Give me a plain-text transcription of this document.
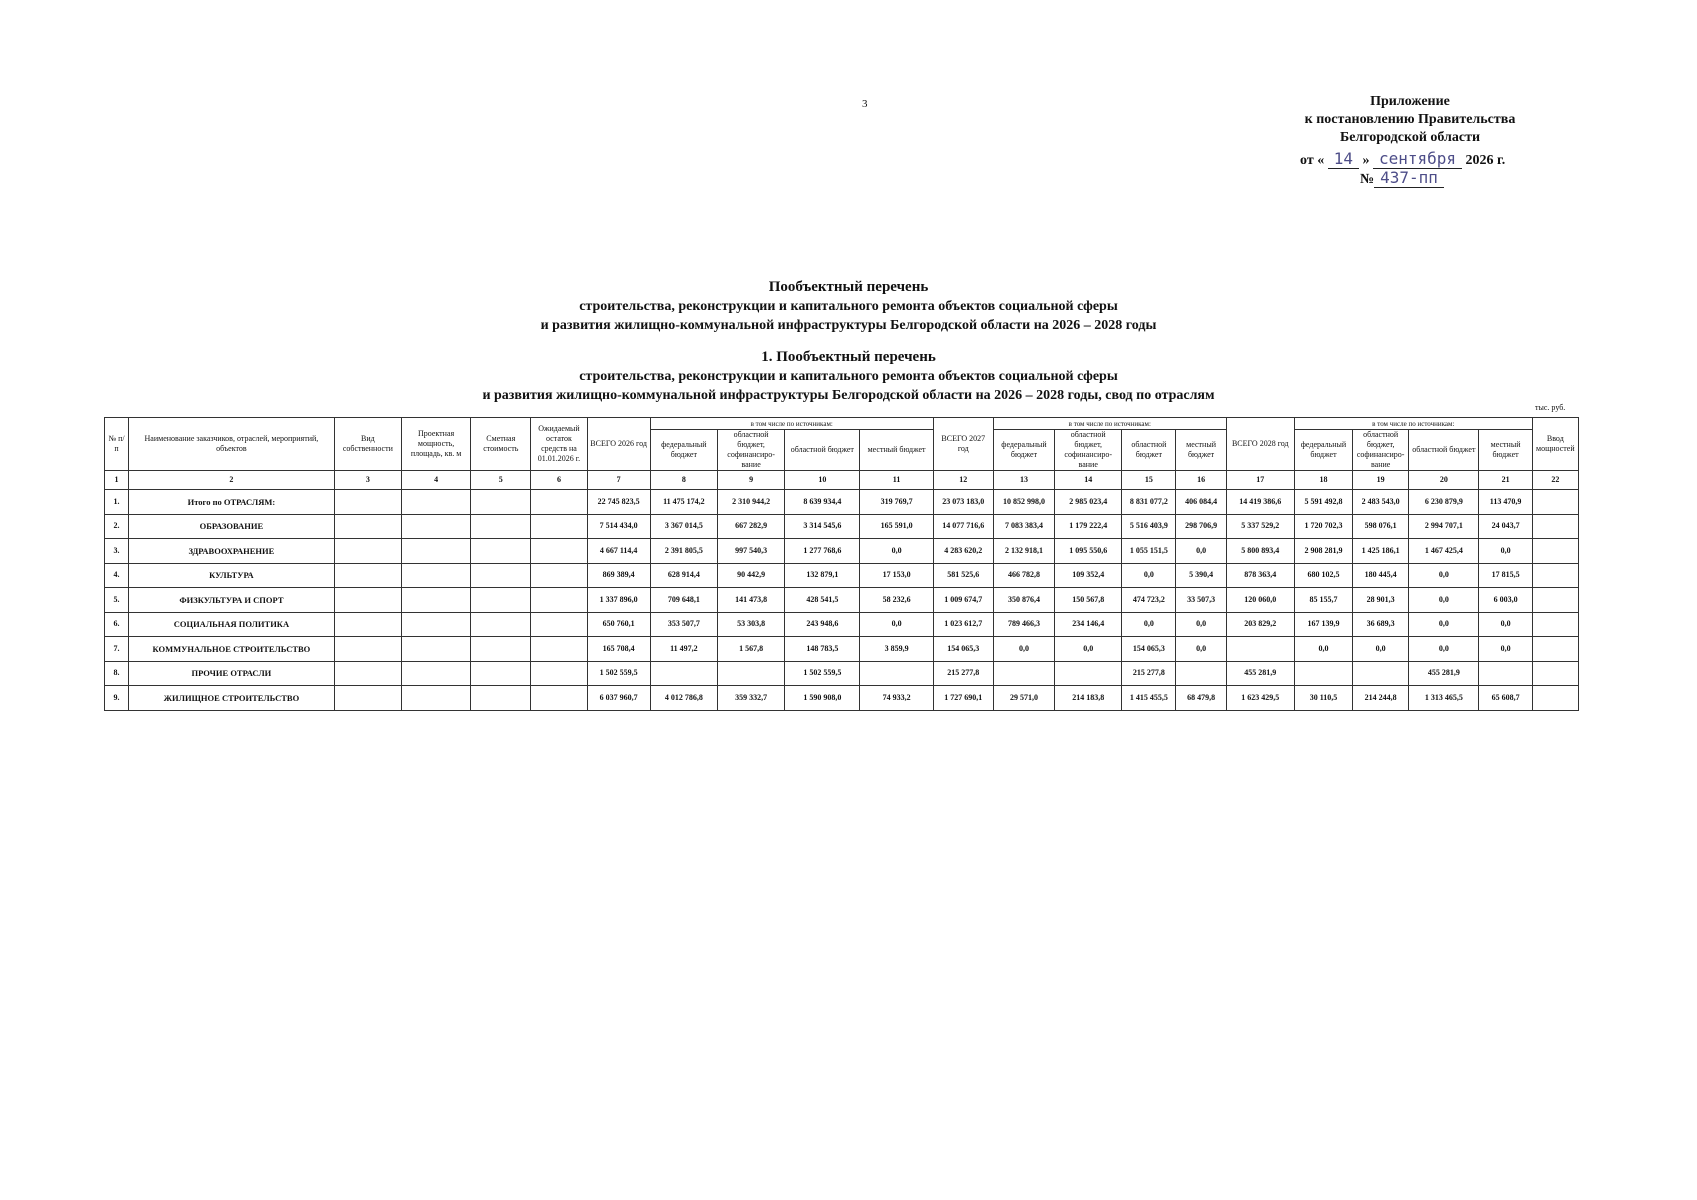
3	Приложение
к постановлению Правительства
Белгородской области
от « 14 » сентября 2026 г.
№ 437-пп
Пообъектный перечень
строительства, реконструкции и капитального ремонта объектов социальной сферы
и развития жилищно-коммунальной инфраструктуры Белгородской области на 2026 – 2028 годы
1. Пообъектный перечень
строительства, реконструкции и капитального ремонта объектов социальной сферы
и развития жилищно-коммунальной инфраструктуры Белгородской области на 2026 – 2028 годы, свод по отраслям
тыс. руб.
№ п/п	Наименование заказчиков, отраслей, мероприятий, объектов	Вид собственности	Проектная мощность, площадь, кв. м	Сметная стоимость	Ожидаемый остаток средств на 01.01.2026 г.	ВСЕГО 2026 год	в том числе по источникам:				ВСЕГО 2027 год	в том числе по источникам:				ВСЕГО 2028 год	в том числе по источникам:				Ввод мощностей
							федеральный бюджет	областной бюджет, софинансиро-вание	областной бюджет	местный бюджет		федеральный бюджет	областной бюджет, софинансиро-вание	областной бюджет	местный бюджет		федеральный бюджет	областной бюджет, софинансиро-вание	областной бюджет	местный бюджет	
1	2	3	4	5	6	7	8	9	10	11	12	13	14	15	16	17	18	19	20	21	22
1.	Итого по ОТРАСЛЯМ:					22 745 823,5	11 475 174,2	2 310 944,2	8 639 934,4	319 769,7	23 073 183,0	10 852 998,0	2 985 023,4	8 831 077,2	406 084,4	14 419 386,6	5 591 492,8	2 483 543,0	6 230 879,9	113 470,9	
2.	ОБРАЗОВАНИЕ					7 514 434,0	3 367 014,5	667 282,9	3 314 545,6	165 591,0	14 077 716,6	7 083 383,4	1 179 222,4	5 516 403,9	298 706,9	5 337 529,2	1 720 702,3	598 076,1	2 994 707,1	24 043,7	
3.	ЗДРАВООХРАНЕНИЕ					4 667 114,4	2 391 805,5	997 540,3	1 277 768,6	0,0	4 283 620,2	2 132 918,1	1 095 550,6	1 055 151,5	0,0	5 800 893,4	2 908 281,9	1 425 186,1	1 467 425,4	0,0	
4.	КУЛЬТУРА					869 389,4	628 914,4	90 442,9	132 879,1	17 153,0	581 525,6	466 782,8	109 352,4	0,0	5 390,4	878 363,4	680 102,5	180 445,4	0,0	17 815,5	
5.	ФИЗКУЛЬТУРА И СПОРТ					1 337 896,0	709 648,1	141 473,8	428 541,5	58 232,6	1 009 674,7	350 876,4	150 567,8	474 723,2	33 507,3	120 060,0	85 155,7	28 901,3	0,0	6 003,0	
6.	СОЦИАЛЬНАЯ ПОЛИТИКА					650 760,1	353 507,7	53 303,8	243 948,6	0,0	1 023 612,7	789 466,3	234 146,4	0,0	0,0	203 829,2	167 139,9	36 689,3	0,0	0,0	
7.	КОММУНАЛЬНОЕ СТРОИТЕЛЬСТВО					165 708,4	11 497,2	1 567,8	148 783,5	3 859,9	154 065,3	0,0	0,0	154 065,3	0,0		0,0	0,0	0,0	0,0	
8.	ПРОЧИЕ ОТРАСЛИ					1 502 559,5			1 502 559,5		215 277,8			215 277,8		455 281,9			455 281,9		
9.	ЖИЛИЩНОЕ СТРОИТЕЛЬСТВО					6 037 960,7	4 012 786,8	359 332,7	1 590 908,0	74 933,2	1 727 690,1	29 571,0	214 183,8	1 415 455,5	68 479,8	1 623 429,5	30 110,5	214 244,8	1 313 465,5	65 608,7	
